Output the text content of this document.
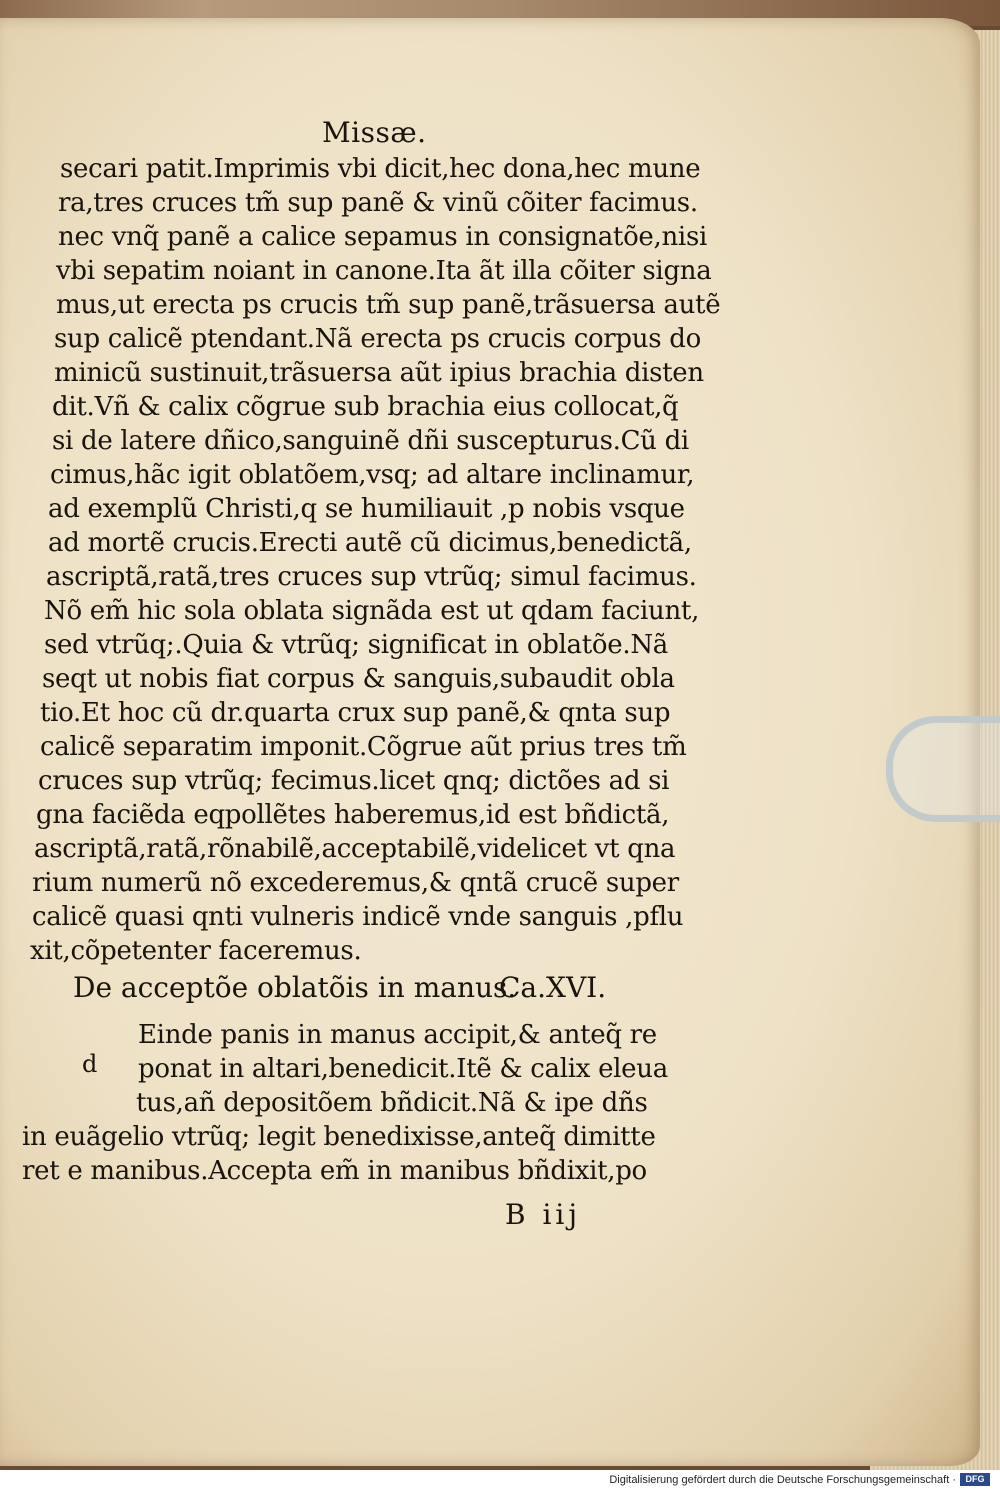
Missæ.
secari patit.Imprimis vbi dicit,hec dona,hec mune
ra,tres cruces tm̃ sup panẽ & vinũ cõiter facimus.
nec vnq̃ panẽ a calice sepamus in consignatõe,nisi
vbi sepatim noiant in canone.Ita ãt illa cõiter signa
mus,ut erecta ps crucis tm̃ sup panẽ,trãsuersa autẽ
sup calicẽ ptendant.Nã erecta ps crucis corpus do
minicũ sustinuit,trãsuersa aũt ipius brachia disten
dit.Vñ & calix cõgrue sub brachia eius collocat,q̃
si de latere dñico,sanguinẽ dñi suscepturus.Cũ di
cimus,hãc igit oblatõem,vsq; ad altare inclinamur,
ad exemplũ Christi,q se humiliauit ,p nobis vsque
ad mortẽ crucis.Erecti autẽ cũ dicimus,benedictã,
ascriptã,ratã,tres cruces sup vtrũq; simul facimus.
Nõ em̃ hic sola oblata signãda est ut qdam faciunt,
sed vtrũq;.Quia & vtrũq; significat in oblatõe.Nã
seqt ut nobis fiat corpus & sanguis,subaudit obla
tio.Et hoc cũ dr.quarta crux sup panẽ,& qnta sup
calicẽ separatim imponit.Cõgrue aũt prius tres tm̃
cruces sup vtrũq; fecimus.licet qnq; dictões ad si
gna faciẽda eqpollẽtes haberemus,id est bñdictã,
ascriptã,ratã,rõnabilẽ,acceptabilẽ,videlicet vt qna
rium numerũ nõ excederemus,& qntã crucẽ super
calicẽ quasi qnti vulneris indicẽ vnde sanguis ,pflu
xit,cõpetenter faceremus.
De acceptõe oblatõis in manus.
Ca.XVI.
d
Einde panis in manus accipit,& anteq̃ re
ponat in altari,benedicit.Itẽ & calix eleua
tus,añ depositõem bñdicit.Nã & ipe dñs
in euãgelio vtrũq; legit benedixisse,anteq̃ dimitte
ret e manibus.Accepta em̃ in manibus bñdixit,po
B iij
Digitalisierung gefördert durch die Deutsche Forschungsgemeinschaft ·	DFG
